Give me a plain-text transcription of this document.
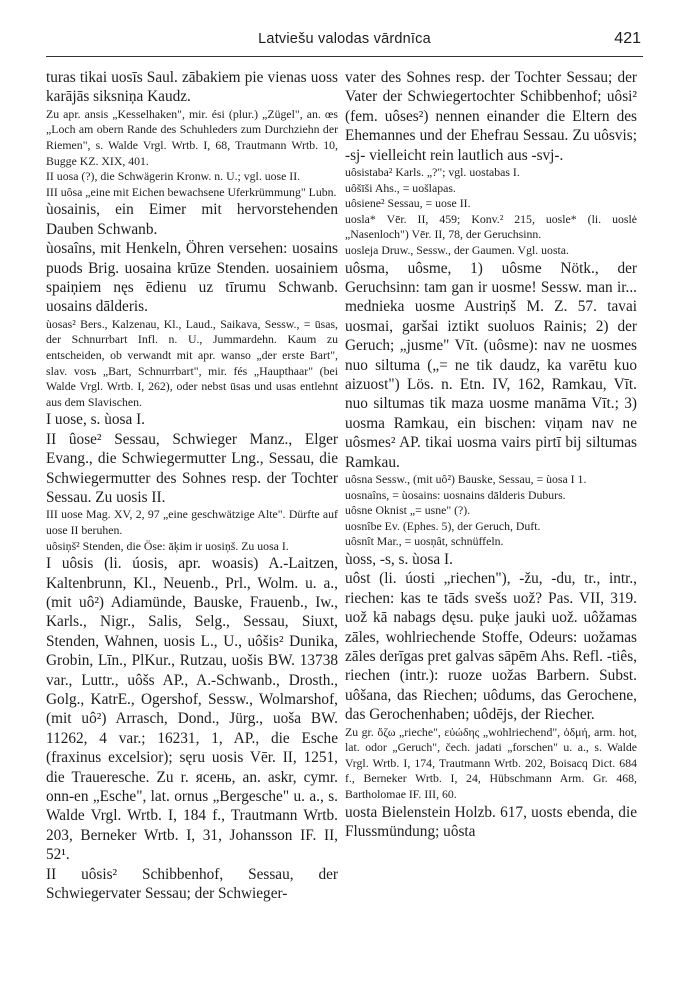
Latviešu valodas vārdnīca	421

turas tikai uosīs Saul. zābakiem pie vienas uoss karājās siksniņa Kaudz.

Zu apr. ansis „Kesselhaken", mir. ési (plur.) „Zügel", an. œs „Loch am obern Rande des Schuhleders zum Durchziehn der Riemen", s. Walde Vrgl. Wrtb. I, 68, Trautmann Wrtb. 10, Bugge KZ. XIX, 401.

II uosa (?), die Schwägerin Kronw. n. U.; vgl. uose II.

III uôsa „eine mit Eichen bewachsene Uferkrümmung" Lubn.

ùosainis, ein Eimer mit hervorstehenden Dauben Schwanb.

ùosaîns, mit Henkeln, Öhren versehen: uosains puods Brig. uosaina krūze Stenden. uosainiem spaiņiem nęs ēdienu uz tīrumu Schwanb. uosains dālderis.

ùosas² Bers., Kalzenau, Kl., Laud., Saikava, Sessw., = ūsas, der Schnurrbart Infl. n. U., Jummardehn. Kaum zu entscheiden, ob verwandt mit apr. wanso „der erste Bart", slav. vosъ „Bart, Schnurrbart", mir. fés „Haupthaar" (bei Walde Vrgl. Wrtb. I, 262), oder nebst ūsas und usas entlehnt aus dem Slavischen.

I uose, s. ùosa I.

II ûose² Sessau, Schwieger Manz., Elger Evang., die Schwiegermutter Lng., Sessau, die Schwiegermutter des Sohnes resp. der Tochter Sessau. Zu uosis II.

III uose Mag. XV, 2, 97 „eine geschwätzige Alte". Dürfte auf uose II beruhen.

uôsiņš² Stenden, die Öse: āķim ir uosiņš. Zu uosa I.

I uôsis (li. úosis, apr. woasis) A.-Laitzen, Kaltenbrunn, Kl., Neuenb., Prl., Wolm. u. a., (mit uô²) Adiamünde, Bauske, Frauenb., Iw., Karls., Nigr., Salis, Selg., Sessau, Siuxt, Stenden, Wahnen, uosis L., U., uôšis² Dunika, Grobin, Līn., PlKur., Rutzau, uošis BW. 13738 var., Luttr., uôšs AP., A.-Schwanb., Drosth., Golg., KatrE., Ogershof, Sessw., Wolmarshof, (mit uô²) Arrasch, Dond., Jürg., uoša BW. 11262, 4 var.; 16231, 1, AP., die Esche (fraxinus excelsior); sęru uosis Vēr. II, 1251, die Traueresche. Zu r. ясень, an. askr, cymr. onn-en „Esche", lat. ornus „Bergesche" u. a., s. Walde Vrgl. Wrtb. I, 184 f., Trautmann Wrtb. 203, Berneker Wrtb. I, 31, Johansson IF. II, 52¹.

II uôsis² Schibbenhof, Sessau, der Schwiegervater Sessau; der Schwieger-

vater des Sohnes resp. der Tochter Sessau; der Vater der Schwiegertochter Schibbenhof; uôsi² (fem. uôses²) nennen einander die Eltern des Ehemannes und der Ehefrau Sessau. Zu uôsvis; -sj- vielleicht rein lautlich aus -svj-.

uôsistaba² Karls. „?"; vgl. uostabas I.

uôšīši Ahs., = uošlapas.

uôsiene² Sessau, = uose II.

uosla* Vēr. II, 459; Konv.² 215, uosle* (li. uoslė „Nasenloch") Vēr. II, 78, der Geruchsinn.

uosleja Druw., Sessw., der Gaumen. Vgl. uosta.

uôsma, uôsme, 1) uôsme Nötk., der Geruchsinn: tam gan ir uosme! Sessw. man ir... mednieka uosme Austriņš M. Z. 57. tavai uosmai, garšai iztikt suoluos Rainis; 2) der Geruch; „jusme" Vīt. (uôsme): nav ne uosmes nuo siltuma („= ne tik daudz, ka varētu kuo aizuost") Lös. n. Etn. IV, 162, Ramkau, Vīt. nuo siltumas tik maza uosme manāma Vīt.; 3) uosma Ramkau, ein bischen: viņam nav ne uôsmes² AP. tikai uosma vairs pirtī bij siltumas Ramkau.

uôsna Sessw., (mit uô²) Bauske, Sessau, = ùosa I 1.

uosnaîns, = ùosains: uosnains dālderis Duburs.

uôsne Oknist „= usne" (?).

uosnîbe Ev. (Ephes. 5), der Geruch, Duft.

uôsnît Mar., = uosņât, schnüffeln.

ùoss, -s, s. ùosa I.

uôst (li. úosti „riechen"), -žu, -du, tr., intr., riechen: kas te tāds svešs uož? Pas. VII, 319. uož kā nabags dęsu. puķe jauki uož. uôžamas zāles, wohlriechende Stoffe, Odeurs: uožamas zāles derīgas pret galvas sāpēm Ahs. Refl. -tiês, riechen (intr.): ruoze uožas Barbern. Subst. uôšana, das Riechen; uôdums, das Gerochene, das Gerochenhaben; uôdējs, der Riecher.

Zu gr. ὄζω „rieche", εὐώδης „wohlriechend", ὀδμή, arm. hot, lat. odor „Geruch", čech. jadati „forschen" u. a., s. Walde Vrgl. Wrtb. I, 174, Trautmann Wrtb. 202, Boisacq Dict. 684 f., Berneker Wrtb. I, 24, Hübschmann Arm. Gr. 468, Bartholomae IF. III, 60.

uosta Bielenstein Holzb. 617, uosts ebenda, die Flussmündung; uôsta
